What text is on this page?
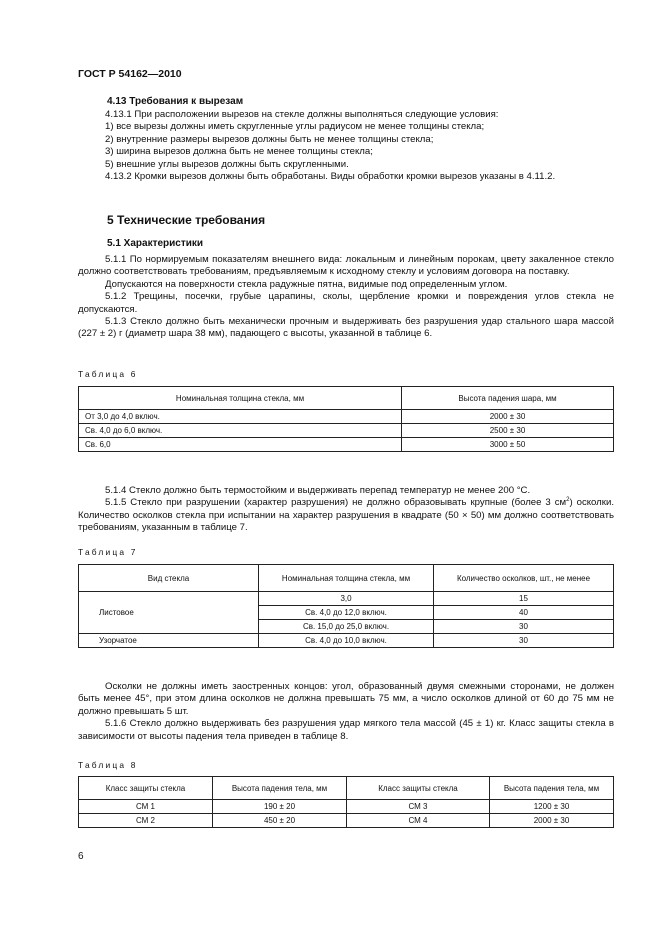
ГОСТ Р 54162—2010
4.13 Требования к вырезам

4.13.1 При расположении вырезов на стекле должны выполняться следующие условия:

1) все вырезы должны иметь скругленные углы радиусом не менее толщины стекла;

2) внутренние размеры вырезов должны быть не менее толщины стекла;

3) ширина вырезов должна быть не менее толщины стекла;

5) внешние углы вырезов должны быть скругленными.

4.13.2 Кромки вырезов должны быть обработаны. Виды обработки кромки вырезов указаны в 4.11.2.

5 Технические требования
5.1 Характеристики

5.1.1 По нормируемым показателям внешнего вида: локальным и линейным порокам, цвету закаленное стекло должно соответствовать требованиям, предъявляемым к исходному стеклу и условиям договора на поставку.

Допускаются на поверхности стекла радужные пятна, видимые под определенным углом.

5.1.2 Трещины, посечки, грубые царапины, сколы, щербление кромки и повреждения углов стекла не допускаются.

5.1.3 Стекло должно быть механически прочным и выдерживать без разрушения удар стального шара массой (227 ± 2) г (диаметр шара 38 мм), падающего с высоты, указанной в таблице 6.

Таблица 6
Номинальная толщина стекла, мм	Высота падения шара, мм
От 3,0 до 4,0 включ.	2000 ± 30
Св. 4,0 до 6,0 включ.	2500 ± 30
Св. 6,0	3000 ± 50

5.1.4 Стекло должно быть термостойким и выдерживать перепад температур не менее 200 °С.

5.1.5 Стекло при разрушении (характер разрушения) не должно образовывать крупные (более 3 $см^2$) осколки. Количество осколков стекла при испытании на характер разрушения в квадрате (50 × 50) мм должно соответствовать требованиям, указанным в таблице 7.

Таблица 7
Вид стекла	Номинальная толщина стекла, мм	Количество осколков, шт., не менее
Листовое	3,0	15
	Св. 4,0 до 12,0 включ.	40
	Св. 15,0 до 25,0 включ.	30
Узорчатое	Св. 4,0 до 10,0 включ.	30

Осколки не должны иметь заостренных концов: угол, образованный двумя смежными сторонами, не должен быть менее 45°, при этом длина осколков не должна превышать 75 мм, а число осколков длиной от 60 до 75 мм не должно превышать 5 шт.

5.1.6 Стекло должно выдерживать без разрушения удар мягкого тела массой (45 ± 1) кг. Класс защиты стекла в зависимости от высоты падения тела приведен в таблице 8.

Таблица 8
Класс защиты стекла	Высота падения тела, мм	Класс защиты стекла	Высота падения тела, мм
СМ 1	190 ± 20	СМ 3	1200 ± 30
СМ 2	450 ± 20	СМ 4	2000 ± 30
6
